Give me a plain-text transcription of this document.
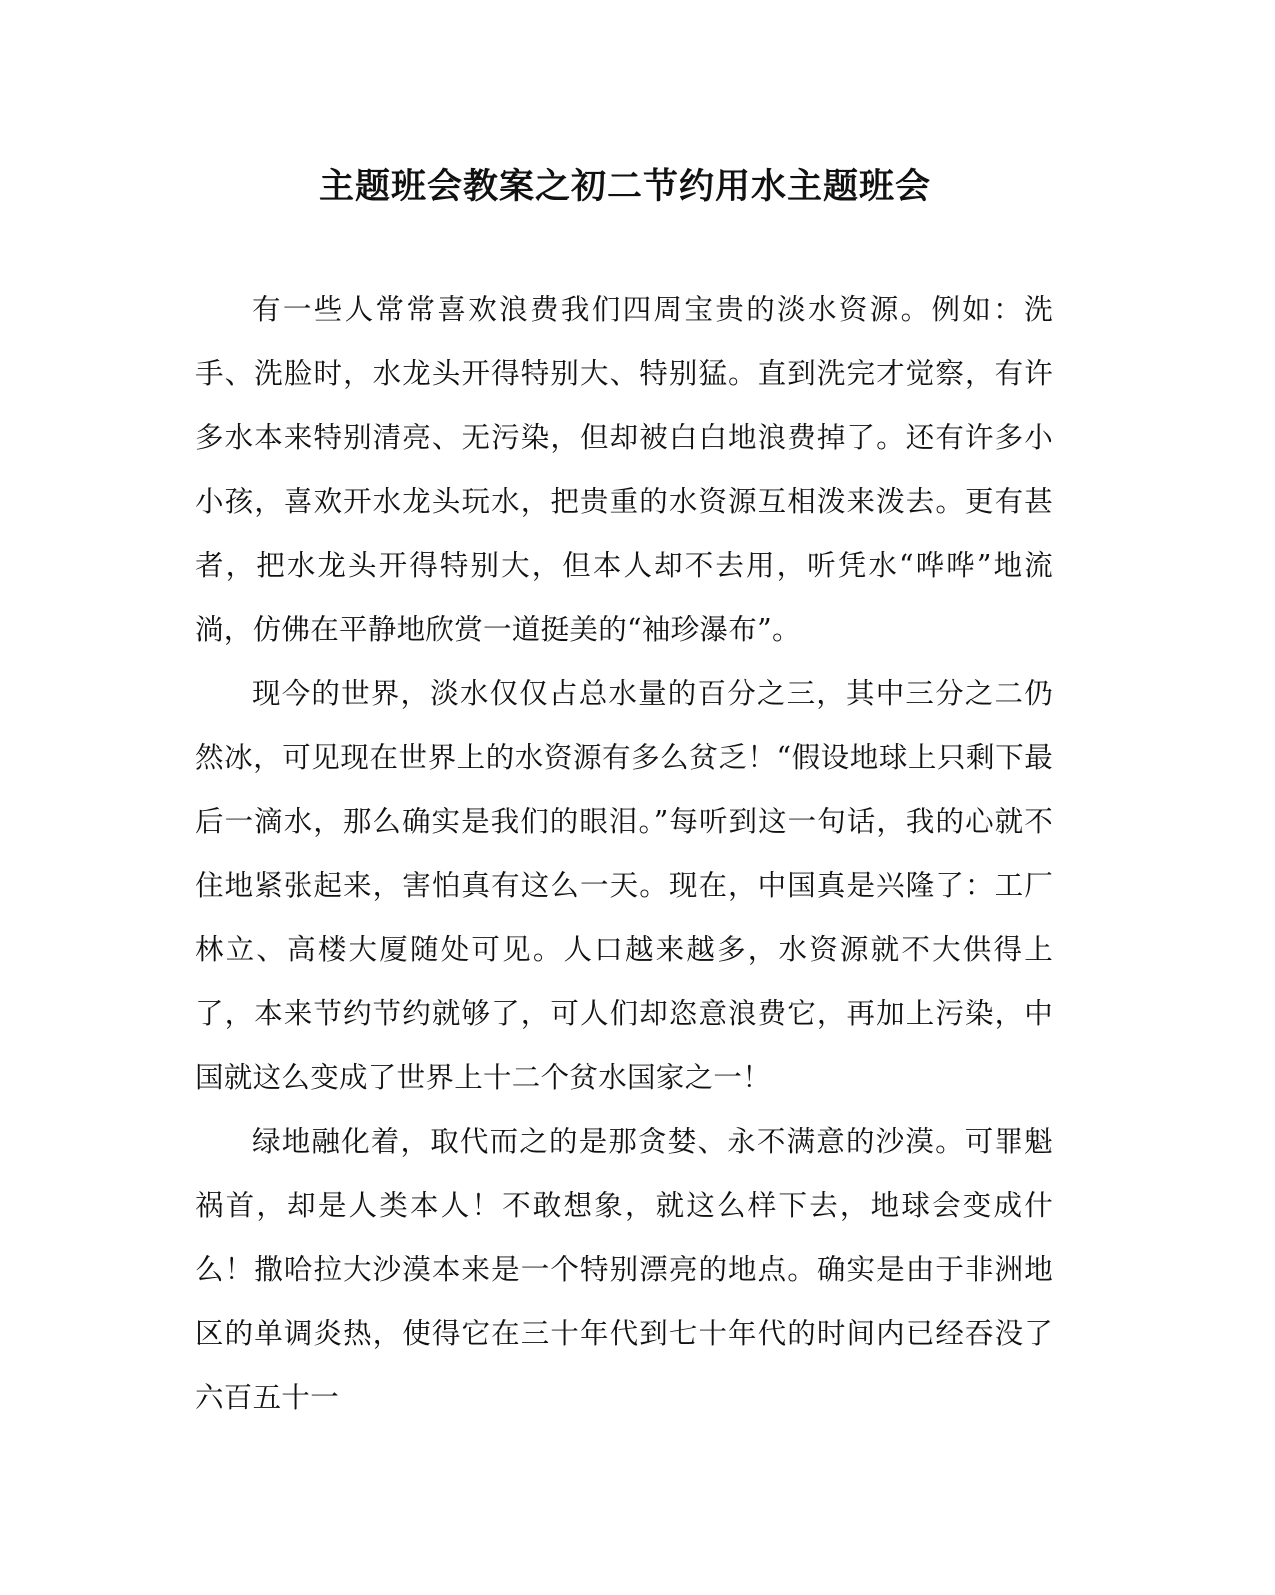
主题班会教案之初二节约用水主题班会

有一些人常常喜欢浪费我们四周宝贵的淡水资源。例如：洗手、洗脸时，水龙头开得特别大、特别猛。直到洗完才觉察，有许多水本来特别清亮、无污染，但却被白白地浪费掉了。还有许多小小孩，喜欢开水龙头玩水，把贵重的水资源互相泼来泼去。更有甚者，把水龙头开得特别大，但本人却不去用，听凭水“哗哗”地流淌，仿佛在平静地欣赏一道挺美的“袖珍瀑布”。

现今的世界，淡水仅仅占总水量的百分之三，其中三分之二仍然冰，可见现在世界上的水资源有多么贫乏！“假设地球上只剩下最后一滴水，那么确实是我们的眼泪。”每听到这一句话，我的心就不住地紧张起来，害怕真有这么一天。现在，中国真是兴隆了：工厂林立、高楼大厦随处可见。人口越来越多，水资源就不大供得上了，本来节约节约就够了，可人们却恣意浪费它，再加上污染，中国就这么变成了世界上十二个贫水国家之一！

绿地融化着，取代而之的是那贪婪、永不满意的沙漠。可罪魁祸首，却是人类本人！不敢想象，就这么样下去，地球会变成什么！撒哈拉大沙漠本来是一个特别漂亮的地点。确实是由于非洲地区的单调炎热，使得它在三十年代到七十年代的时间内已经吞没了六百五十一
